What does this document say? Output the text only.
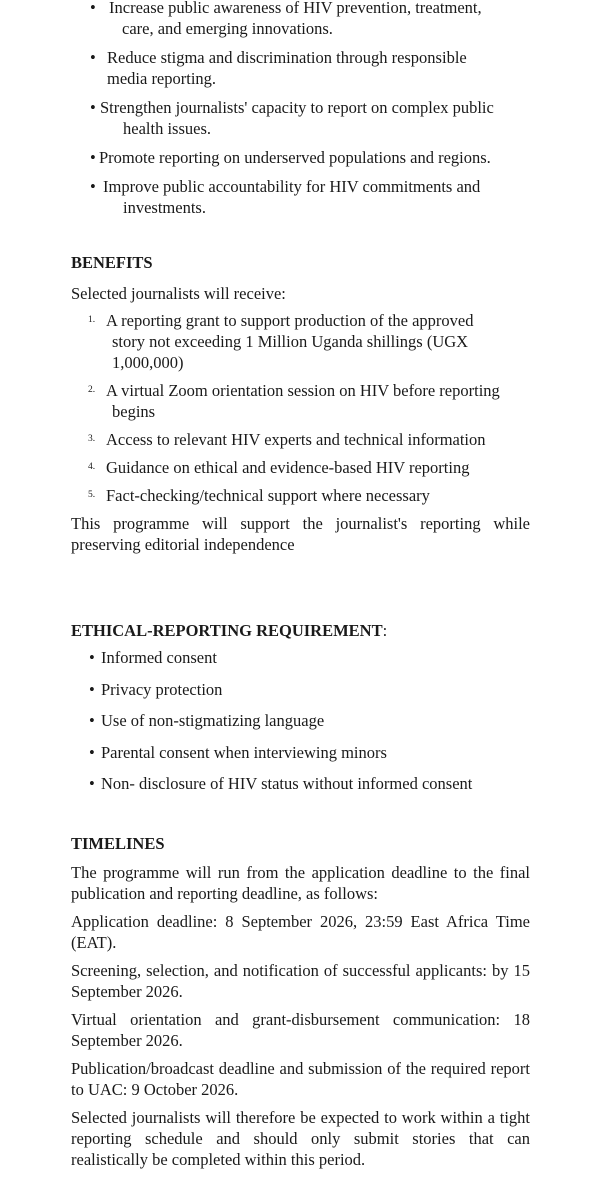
• Increase public awareness of HIV prevention, treatment,
care, and emerging innovations.
• Reduce stigma and discrimination through responsible
media reporting.
• Strengthen journalists' capacity to report on complex public
health issues.
• Promote reporting on underserved populations and regions.
• Improve public accountability for HIV commitments and
investments.
BENEFITS
Selected journalists will receive:
1. A reporting grant to support production of the approved
story not exceeding 1 Million Uganda shillings (UGX
1,000,000)
2. A virtual Zoom orientation session on HIV before reporting
begins
3. Access to relevant HIV experts and technical information
4. Guidance on ethical and evidence-based HIV reporting
5. Fact-checking/technical support where necessary
This programme will support the journalist's reporting while preserving editorial independence
ETHICAL-REPORTING REQUIREMENT:
• Informed consent
• Privacy protection
• Use of non-stigmatizing language
• Parental consent when interviewing minors
• Non- disclosure of HIV status without informed consent
TIMELINES

The programme will run from the application deadline to the final publication and reporting deadline, as follows:

Application deadline: 8 September 2026, 23:59 East Africa Time (EAT).

Screening, selection, and notification of successful applicants: by 15 September 2026.

Virtual orientation and grant-disbursement communication: 18 September 2026.

Publication/broadcast deadline and submission of the required report to UAC: 9 October 2026.

Selected journalists will therefore be expected to work within a tight reporting schedule and should only submit stories that can realistically be completed within this period.
